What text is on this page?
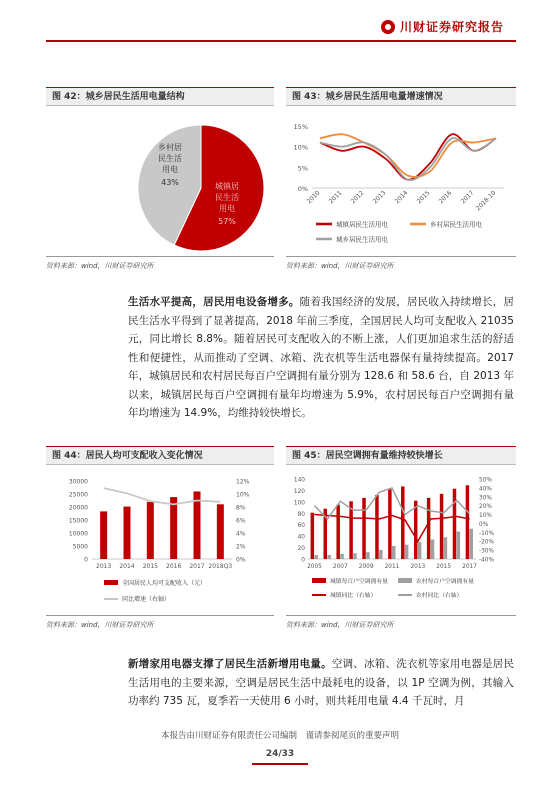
川财证券研究报告
图 42：城乡居民生活用电量结构
乡村居
民生活
用电
43%	城镇居
民生活
用电
57%
资料来源：wind，川财证券研究所
图 43：城乡居民生活用电量增速情况
15%
10%
5%
0%
2010 2011 2012 2013 2014 2015 2016 2017 2018-10
城镇居民生活用电	乡村居民生活用电
城乡居民生活用电
资料来源：wind，川财证券研究所
生活水平提高，居民用电设备增多。随着我国经济的发展，居民收入持续增长，居民生活水平得到了显著提高，2018 年前三季度，全国居民人均可支配收入 21035 元，同比增长 8.8%。随着居民可支配收入的不断上涨，人们更加追求生活的舒适性和便捷性，从而推动了空调、冰箱、洗衣机等生活电器保有量持续提高。2017 年，城镇居民和农村居民每百户空调拥有量分别为 128.6 和 58.6 台，自 2013 年以来，城镇居民每百户空调拥有量年均增速为 5.9%，农村居民每百户空调拥有量年均增速为 14.9%，均维持较快增长。
图 44：居民人均可支配收入变化情况
30000
25000
20000
15000
10000
5000
0
12%
10%
8%
6%
4%
2%
0%
2013 2014 2015 2016 2017 2018Q3
全国居民人均可支配收入（元）
同比增速（右轴）
资料来源：wind，川财证券研究所
图 45：居民空调拥有量维持较快增长
140
120
100
80
60
40
20
0
50%
40%
30%
20%
10%
0%
-10%
-20%
-30%
-40%
2005 2007 2009 2011 2013 2015 2017
城镇每百户空调拥有量	农村每百户空调拥有量
城镇同比（右轴）	农村同比（右轴）
资料来源：wind，川财证券研究所
新增家用电器支撑了居民生活新增用电量。空调、冰箱、洗衣机等家用电器是居民生活用电的主要来源，空调是居民生活中最耗电的设备，以 1P 空调为例，其输入功率约 735 瓦，夏季若一天使用 6 小时，则共耗用电量 4.4 千瓦时，月
本报告由川财证券有限责任公司编制　谨请参阅尾页的重要声明
24/33
